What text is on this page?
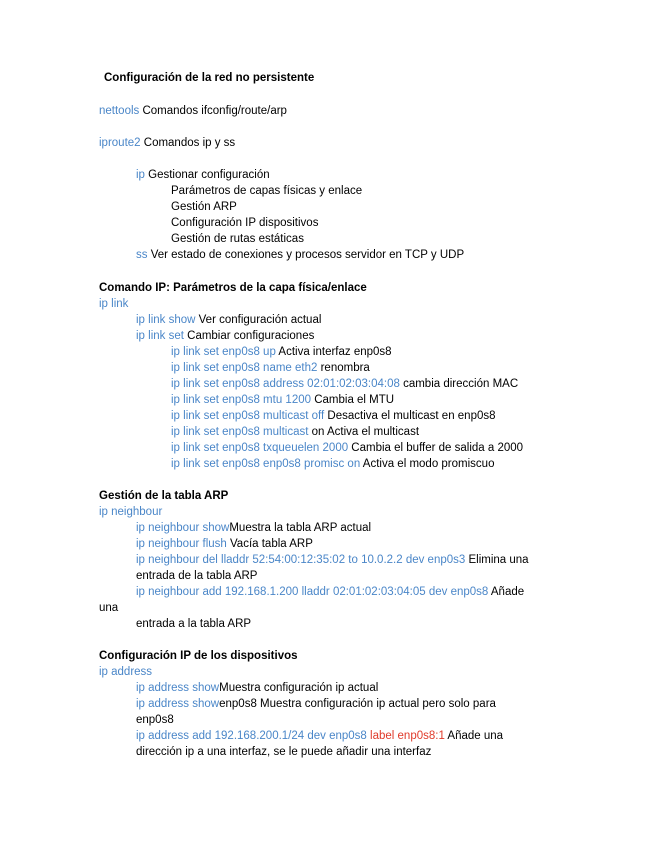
Configuración de la red no persistente
nettools Comandos ifconfig/route/arp
iproute2 Comandos ip y ss
ip Gestionar configuración
Parámetros de capas físicas y enlace
Gestión ARP
Configuración IP dispositivos
Gestión de rutas estáticas
ss Ver estado de conexiones y procesos servidor en TCP y UDP
Comando IP: Parámetros de la capa física/enlace
ip link
ip link show Ver configuración actual
ip link set Cambiar configuraciones
ip link set enp0s8 up Activa interfaz enp0s8
ip link set enp0s8 name eth2 renombra
ip link set enp0s8 address 02:01:02:03:04:08 cambia dirección MAC
ip link set enp0s8 mtu 1200 Cambia el MTU
ip link set enp0s8 multicast off Desactiva el multicast en enp0s8
ip link set enp0s8 multicast on Activa el multicast
ip link set enp0s8 txqueuelen 2000 Cambia el buffer de salida a 2000
ip link set enp0s8 enp0s8 promisc on Activa el modo promiscuo
Gestión de la tabla ARP
ip neighbour
ip neighbour showMuestra la tabla ARP actual
ip neighbour flush Vacía tabla ARP
ip neighbour del lladdr 52:54:00:12:35:02 to 10.0.2.2 dev enp0s3 Elimina una
entrada de la tabla ARP
ip neighbour add 192.168.1.200 lladdr 02:01:02:03:04:05 dev enp0s8 Añade
una
entrada a la tabla ARP
Configuración IP de los dispositivos
ip address
ip address showMuestra configuración ip actual
ip address showenp0s8 Muestra configuración ip actual pero solo para
enp0s8
ip address add 192.168.200.1/24 dev enp0s8 label enp0s8:1 Añade una
dirección ip a una interfaz, se le puede añadir una interfaz
